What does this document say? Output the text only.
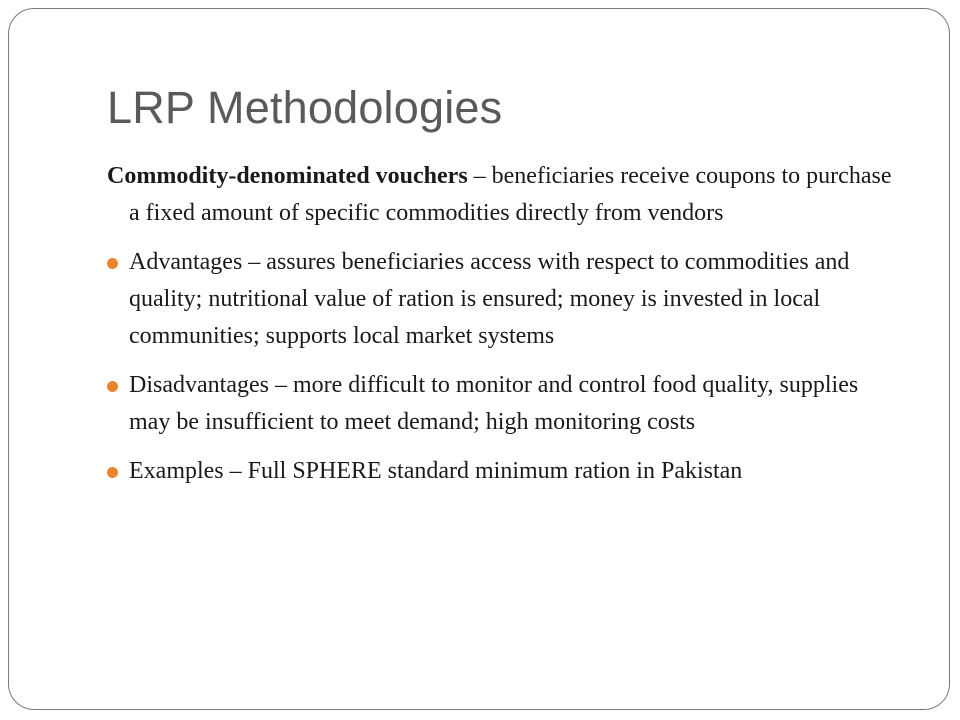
LRP Methodologies

Commodity-denominated vouchers – beneficiaries receive coupons to purchase a fixed amount of specific commodities directly from vendors

Advantages – assures beneficiaries access with respect to commodities and quality; nutritional value of ration is ensured; money is invested in local communities; supports local market systems
Disadvantages – more difficult to monitor and control food quality, supplies may be insufficient to meet demand; high monitoring costs
Examples – Full SPHERE standard minimum ration in Pakistan
